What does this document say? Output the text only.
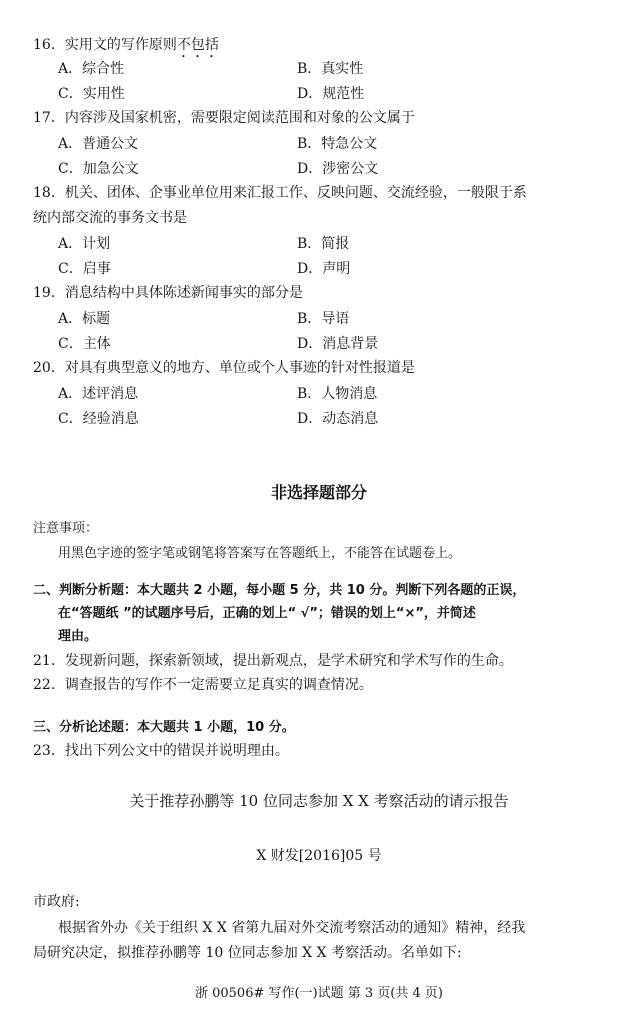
16．实用文的写作原则不包括
A．综合性	B．真实性
C．实用性	D．规范性
17．内容涉及国家机密，需要限定阅读范围和对象的公文属于
A．普通公文	B．特急公文
C．加急公文	D．涉密公文
18．机关、团体、企事业单位用来汇报工作、反映问题、交流经验，一般限于系
统内部交流的事务文书是
A．计划	B．简报
C．启事	D．声明
19．消息结构中具体陈述新闻事实的部分是
A．标题	B．导语
C．主体	D．消息背景
20．对具有典型意义的地方、单位或个人事迹的针对性报道是
A．述评消息	B．人物消息
C．经验消息	D．动态消息
非选择题部分
注意事项：
用黑色字迹的签字笔或钢笔将答案写在答题纸上，不能答在试题卷上。
二、判断分析题：本大题共 2 小题，每小题 5 分，共 10 分。判断下列各题的正误，
在“答题纸 ”的试题序号后，正确的划上“ √”；错误的划上“×”，并简述
理由。
21．发现新问题，探索新领域，提出新观点，是学术研究和学术写作的生命。
22．调查报告的写作不一定需要立足真实的调查情况。
三、分析论述题：本大题共 1 小题，10 分。
23．找出下列公文中的错误并说明理由。
关于推荐孙鹏等 10 位同志参加 X X 考察活动的请示报告
X 财发[2016]05 号
市政府:
根据省外办《关于组织 X X 省第九届对外交流考察活动的通知》精神，经我
局研究决定，拟推荐孙鹏等 10 位同志参加 X X 考察活动。名单如下:
浙 00506# 写作(一)试题 第 3 页(共 4 页)
